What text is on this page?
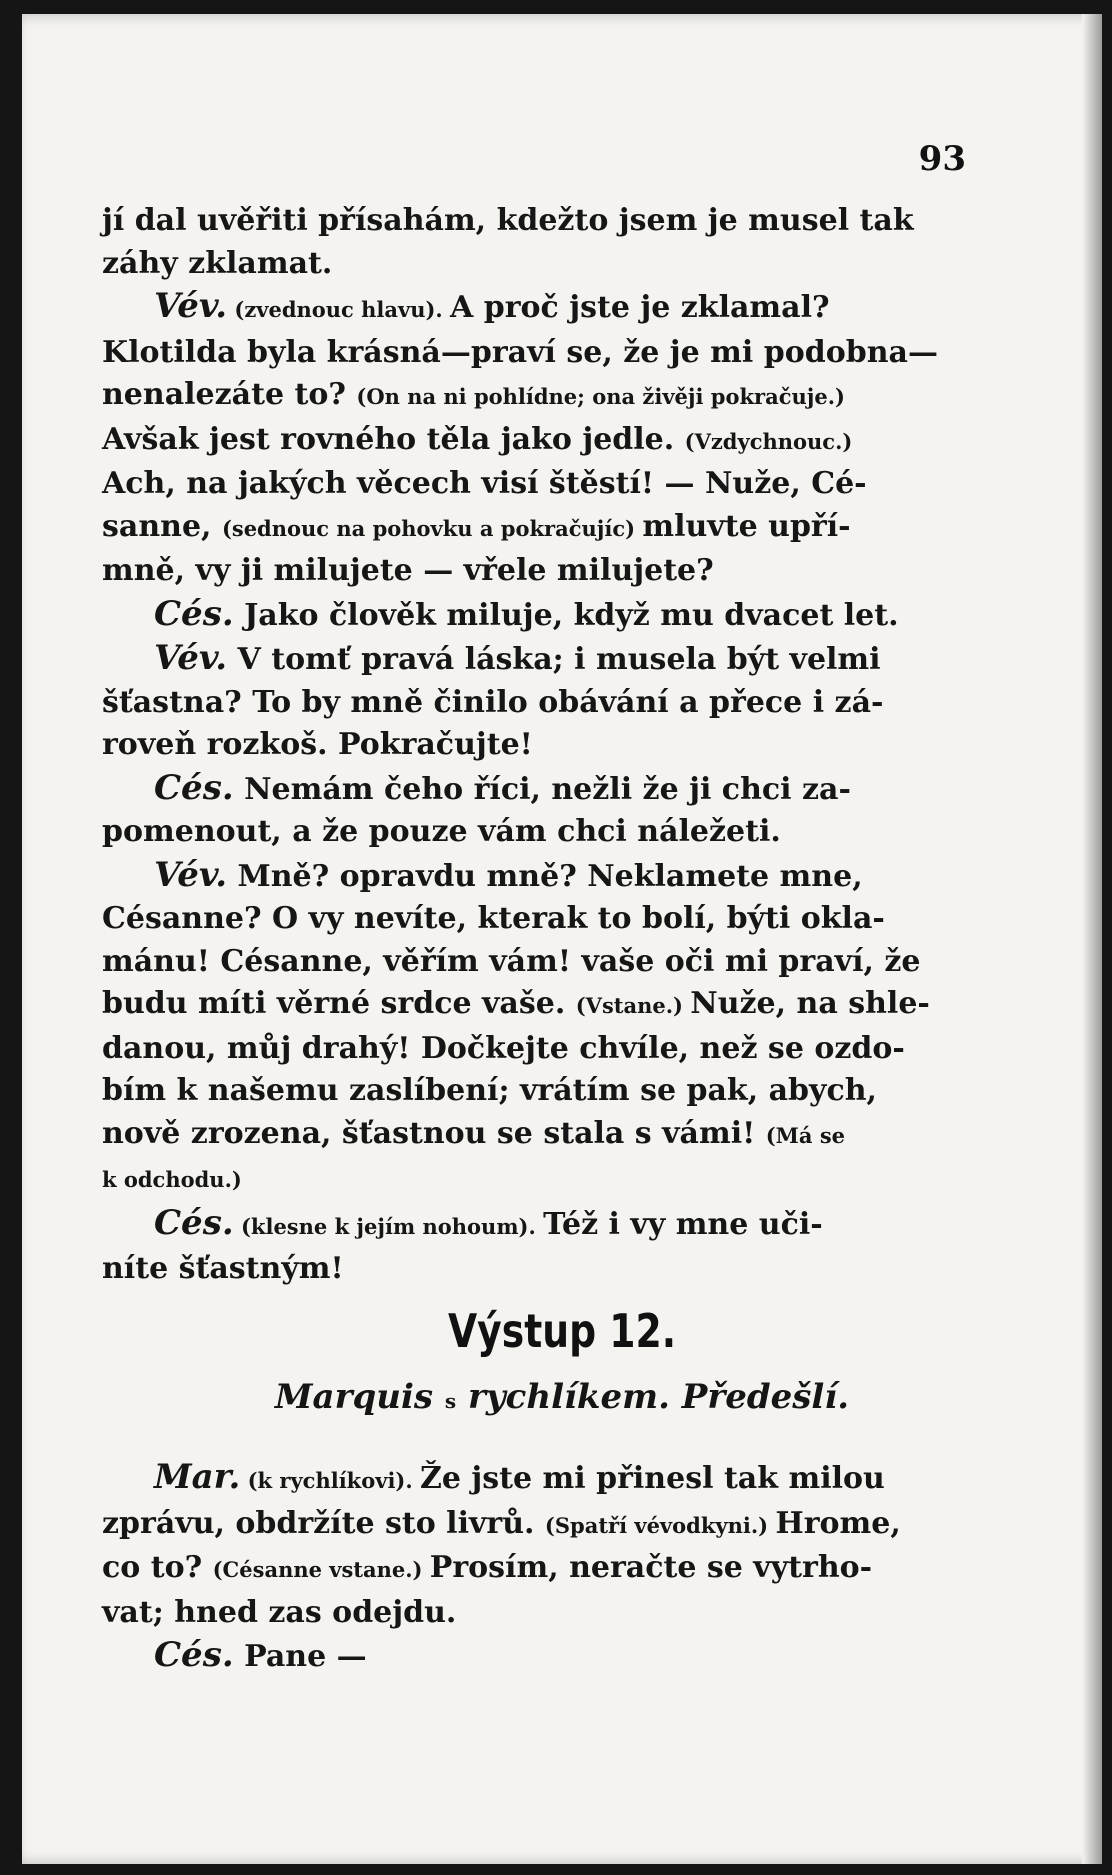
93
jí dal uvěřiti přísahám, kdežto jsem je musel tak
záhy zklamat.
Vév. (zvednouc hlavu). A proč jste je zklamal?
Klotilda byla krásná—praví se, že je mi podobna—
nenalezáte to? (On na ni pohlídne; ona živěji pokračuje.)
Avšak jest rovného těla jako jedle. (Vzdychnouc.)
Ach, na jakých věcech visí štěstí! — Nuže, Cé-
sanne, (sednouc na pohovku a pokračujíc) mluvte upří-
mně, vy ji milujete — vřele milujete?
Cés. Jako člověk miluje, když mu dvacet let.
Vév. V tomť pravá láska; i musela být velmi
šťastna? To by mně činilo obávání a přece i zá-
roveň rozkoš. Pokračujte!
Cés. Nemám čeho říci, nežli že ji chci za-
pomenout, a že pouze vám chci náležeti.
Vév. Mně? opravdu mně? Neklamete mne,
Césanne? O vy nevíte, kterak to bolí, býti okla-
mánu! Césanne, věřím vám! vaše oči mi praví, že
budu míti věrné srdce vaše. (Vstane.) Nuže, na shle-
danou, můj drahý! Dočkejte chvíle, než se ozdo-
bím k našemu zaslíbení; vrátím se pak, abych,
nově zrozena, šťastnou se stala s vámi! (Má se
k odchodu.)
Cés. (klesne k jejím nohoum). Též i vy mne uči-
níte šťastným!
Výstup 12.
Marquis s rychlíkem. Předešlí.
Mar. (k rychlíkovi). Že jste mi přinesl tak milou
zprávu, obdržíte sto livrů. (Spatří vévodkyni.) Hrome,
co to? (Césanne vstane.) Prosím, neračte se vytrho-
vat; hned zas odejdu.
Cés. Pane —
